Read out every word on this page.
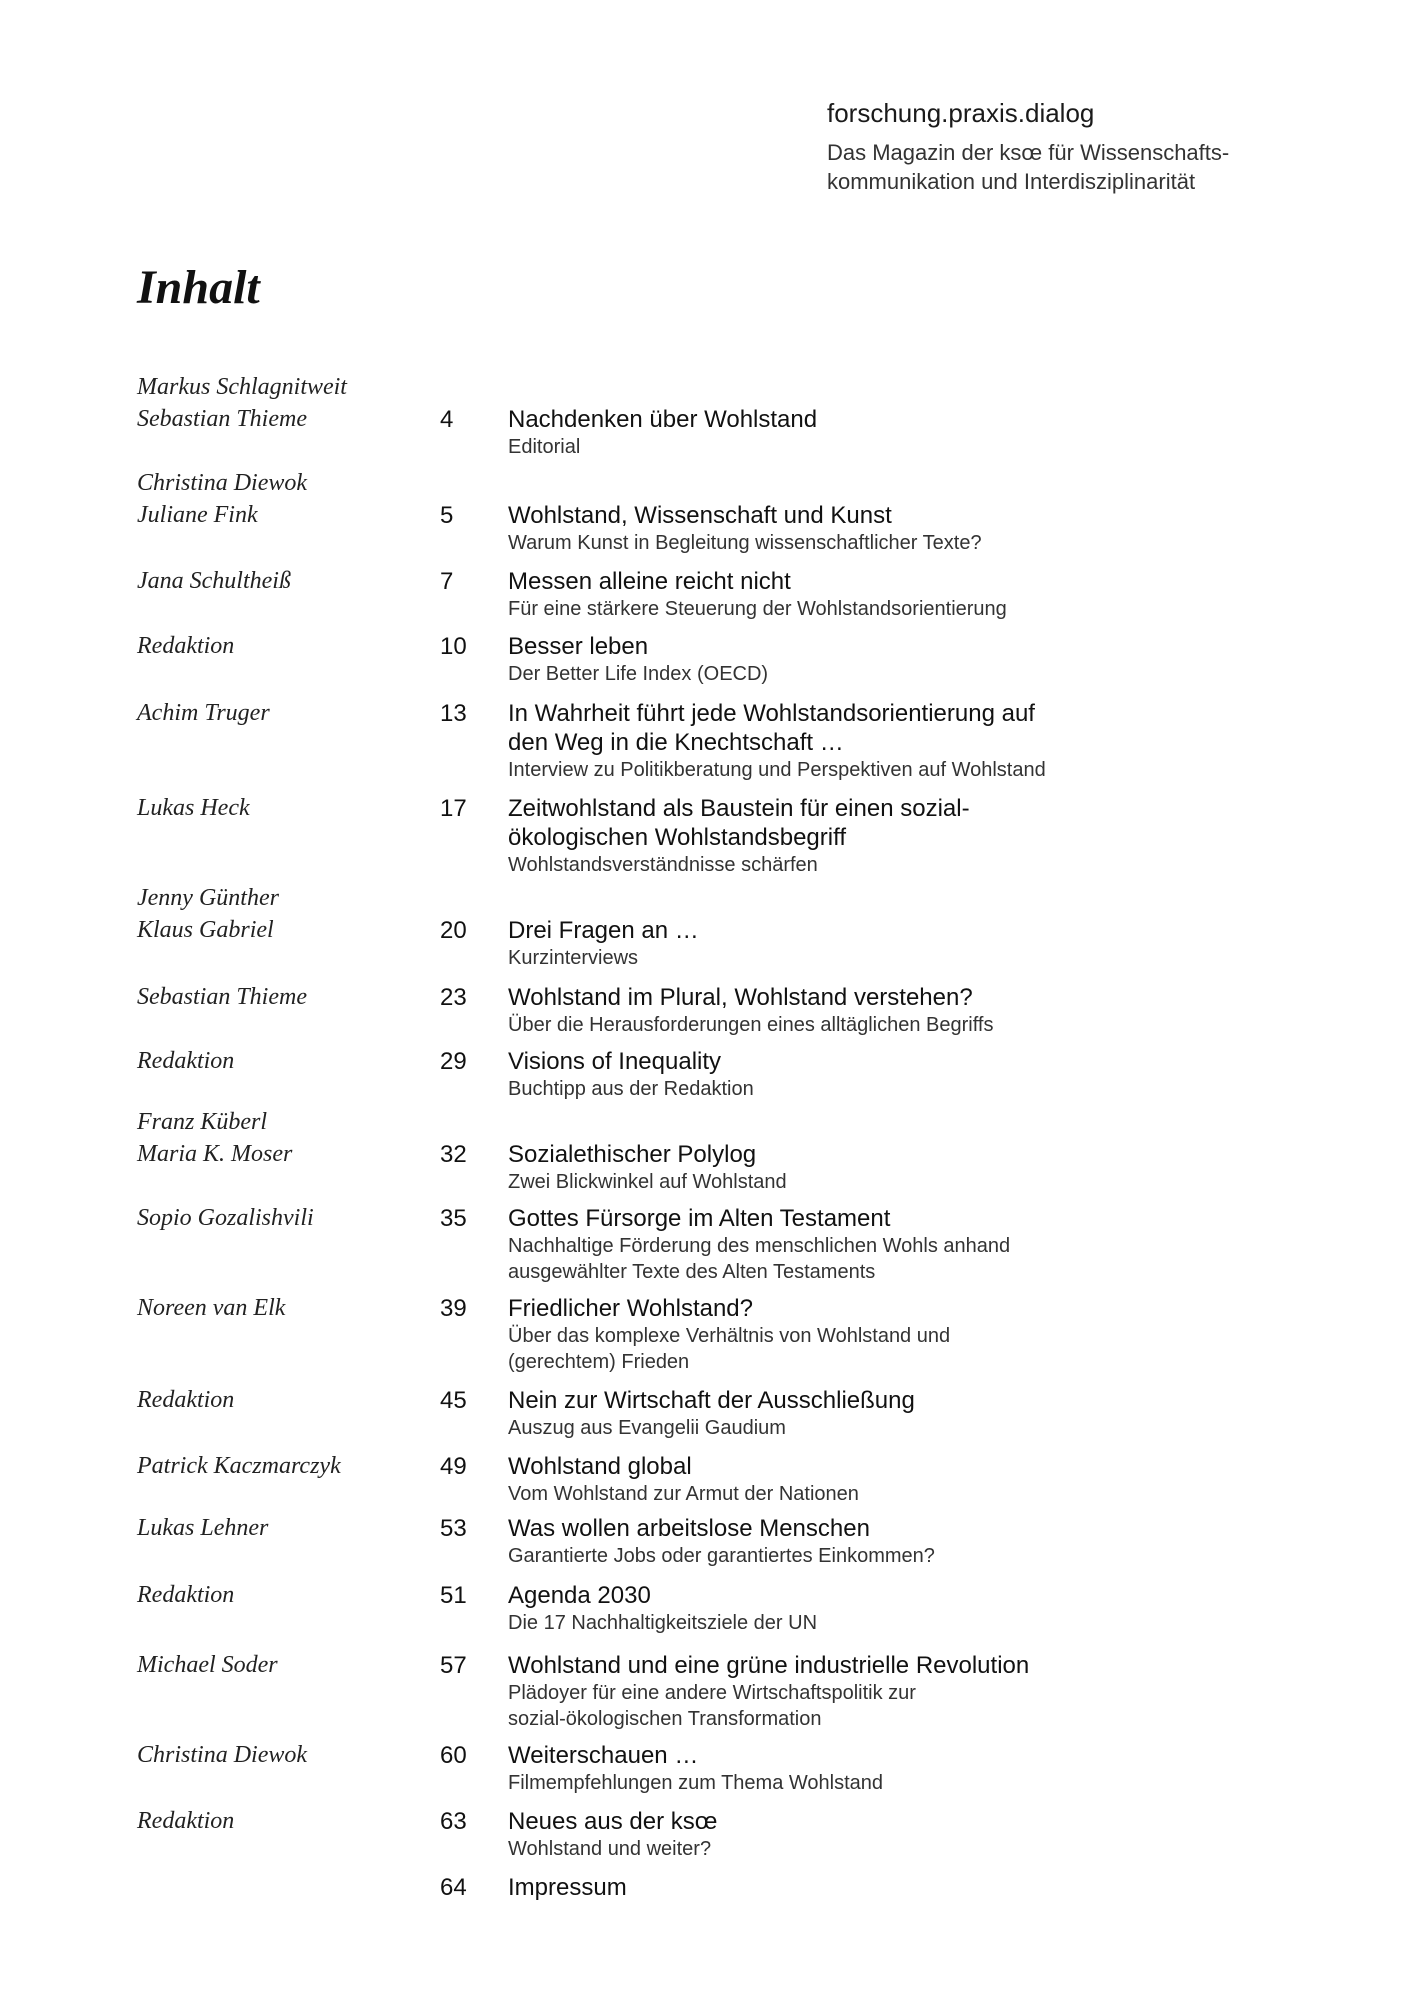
forschung.praxis.dialog

Das Magazin der ksœ für Wissenschafts-

kommunikation und Interdisziplinarität

Inhalt
Markus Schlagnitweit
Sebastian Thieme	4	Nachdenken über Wohlstand

Editorial

Christina Diewok
Juliane Fink	5	Wohlstand, Wissenschaft und Kunst

Warum Kunst in Begleitung wissenschaftlicher Texte?

Jana Schultheiß	7	Messen alleine reicht nicht

Für eine stärkere Steuerung der Wohlstandsorientierung

Redaktion	10	Besser leben

Der Better Life Index (OECD)

Achim Truger	13	In Wahrheit führt jede Wohlstandsorientierung auf

den Weg in die Knechtschaft …

Interview zu Politikberatung und Perspektiven auf Wohlstand

Lukas Heck	17	Zeitwohlstand als Baustein für einen sozial-

ökologischen Wohlstandsbegriff

Wohlstandsverständnisse schärfen

Jenny Günther
Klaus Gabriel	20	Drei Fragen an …

Kurzinterviews

Sebastian Thieme	23	Wohlstand im Plural, Wohlstand verstehen?

Über die Herausforderungen eines alltäglichen Begriffs

Redaktion	29	Visions of Inequality

Buchtipp aus der Redaktion

Franz Küberl
Maria K. Moser	32	Sozialethischer Polylog

Zwei Blickwinkel auf Wohlstand

Sopio Gozalishvili	35	Gottes Fürsorge im Alten Testament

Nachhaltige Förderung des menschlichen Wohls anhand

ausgewählter Texte des Alten Testaments

Noreen van Elk	39	Friedlicher Wohlstand?

Über das komplexe Verhältnis von Wohlstand und

(gerechtem) Frieden

Redaktion	45	Nein zur Wirtschaft der Ausschließung

Auszug aus Evangelii Gaudium

Patrick Kaczmarczyk	49	Wohlstand global

Vom Wohlstand zur Armut der Nationen

Lukas Lehner	53	Was wollen arbeitslose Menschen

Garantierte Jobs oder garantiertes Einkommen?

Redaktion	51	Agenda 2030

Die 17 Nachhaltigkeitsziele der UN

Michael Soder	57	Wohlstand und eine grüne industrielle Revolution

Plädoyer für eine andere Wirtschaftspolitik zur

sozial-ökologischen Transformation

Christina Diewok	60	Weiterschauen …

Filmempfehlungen zum Thema Wohlstand

Redaktion	63	Neues aus der ksœ

Wohlstand und weiter?

64	Impressum
